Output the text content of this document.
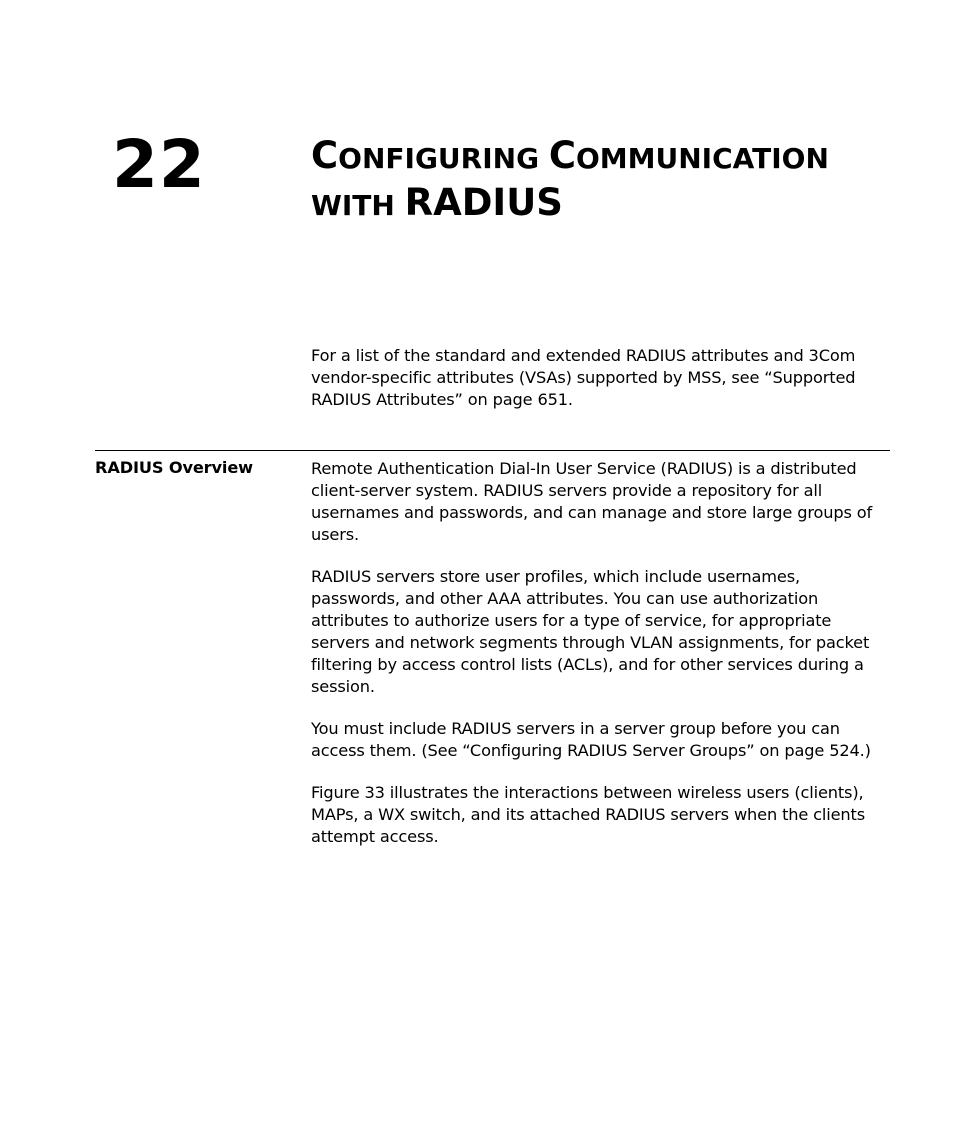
22	CONFIGURING COMMUNICATION
WITH RADIUS

For a list of the standard and extended RADIUS attributes and 3Com vendor-specific attributes (VSAs) supported by MSS, see “Supported RADIUS Attributes” on page 651.

RADIUS Overview	Remote Authentication Dial-In User Service (RADIUS) is a distributed client-server system. RADIUS servers provide a repository for all usernames and passwords, and can manage and store large groups of users.

RADIUS servers store user profiles, which include usernames, passwords, and other AAA attributes. You can use authorization attributes to authorize users for a type of service, for appropriate servers and network segments through VLAN assignments, for packet filtering by access control lists (ACLs), and for other services during a session.

You must include RADIUS servers in a server group before you can access them. (See “Configuring RADIUS Server Groups” on page 524.)

Figure 33 illustrates the interactions between wireless users (clients), MAPs, a WX switch, and its attached RADIUS servers when the clients attempt access.
